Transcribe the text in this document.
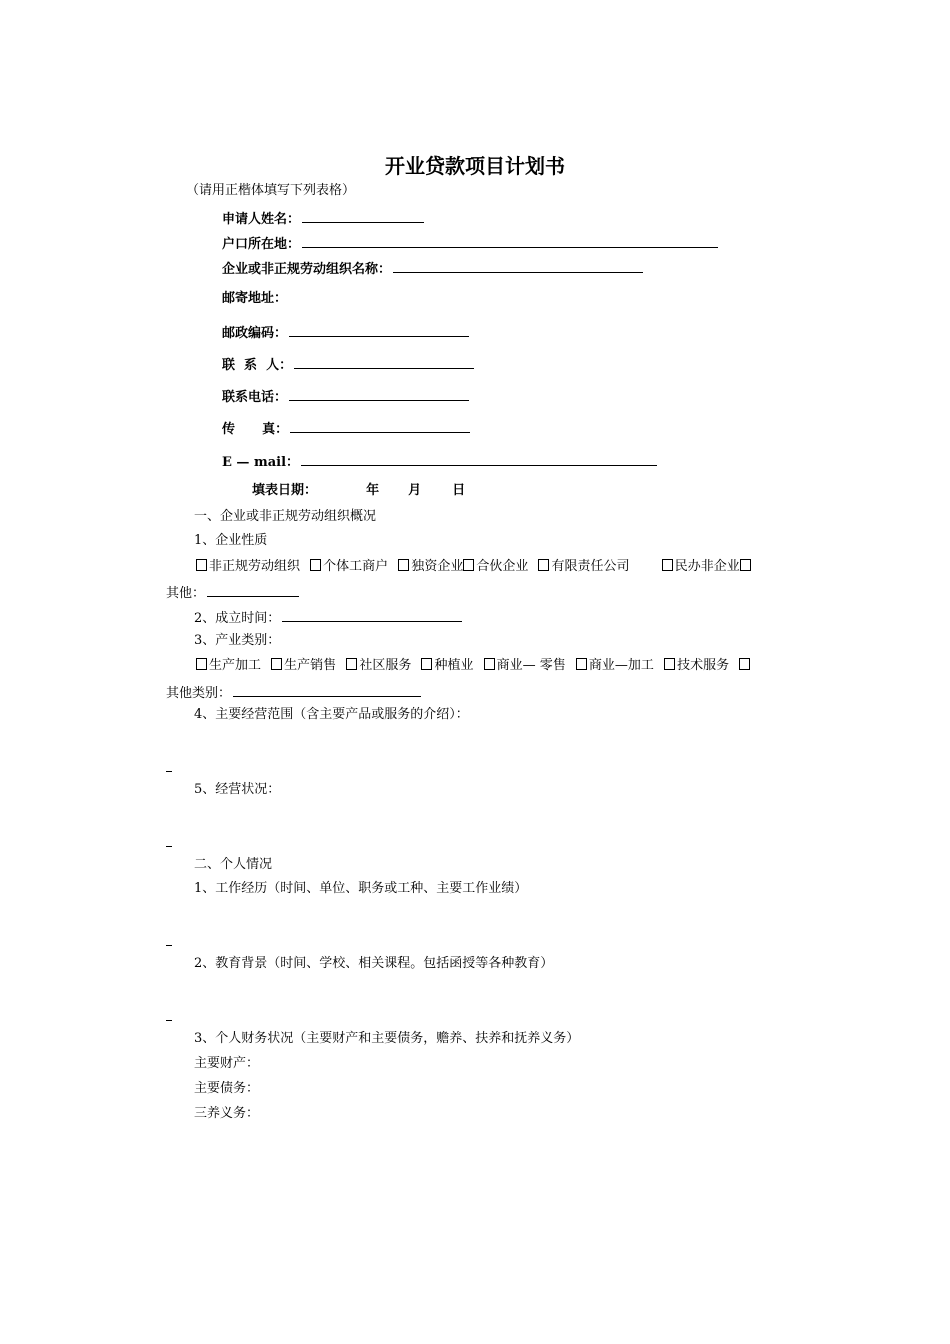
开业贷款项目计划书
（请用正楷体填写下列表格）
申请人姓名：
户口所在地：
企业或非正规劳动组织名称：
邮寄地址：
邮政编码：
联  系  人：
联系电话：
传      真：
E — mail：
填表日期：	年 月 日
一、企业或非正规劳动组织概况
1、企业性质
非正规劳动组织 个体工商户 独资企业 合伙企业 有限责任公司	民办非企业
其他：
2、成立时间：
3、产业类别：
生产加工 生产销售 社区服务 种植业 商业— 零售 商业—加工 技术服务
其他类别：
4、主要经营范围（含主要产品或服务的介绍）：
5、经营状况：
二、个人情况
1、工作经历（时间、单位、职务或工种、主要工作业绩）
2、教育背景（时间、学校、相关课程。包括函授等各种教育）
3、个人财务状况（主要财产和主要债务，赡养、扶养和抚养义务）
主要财产：
主要债务：
三养义务：
